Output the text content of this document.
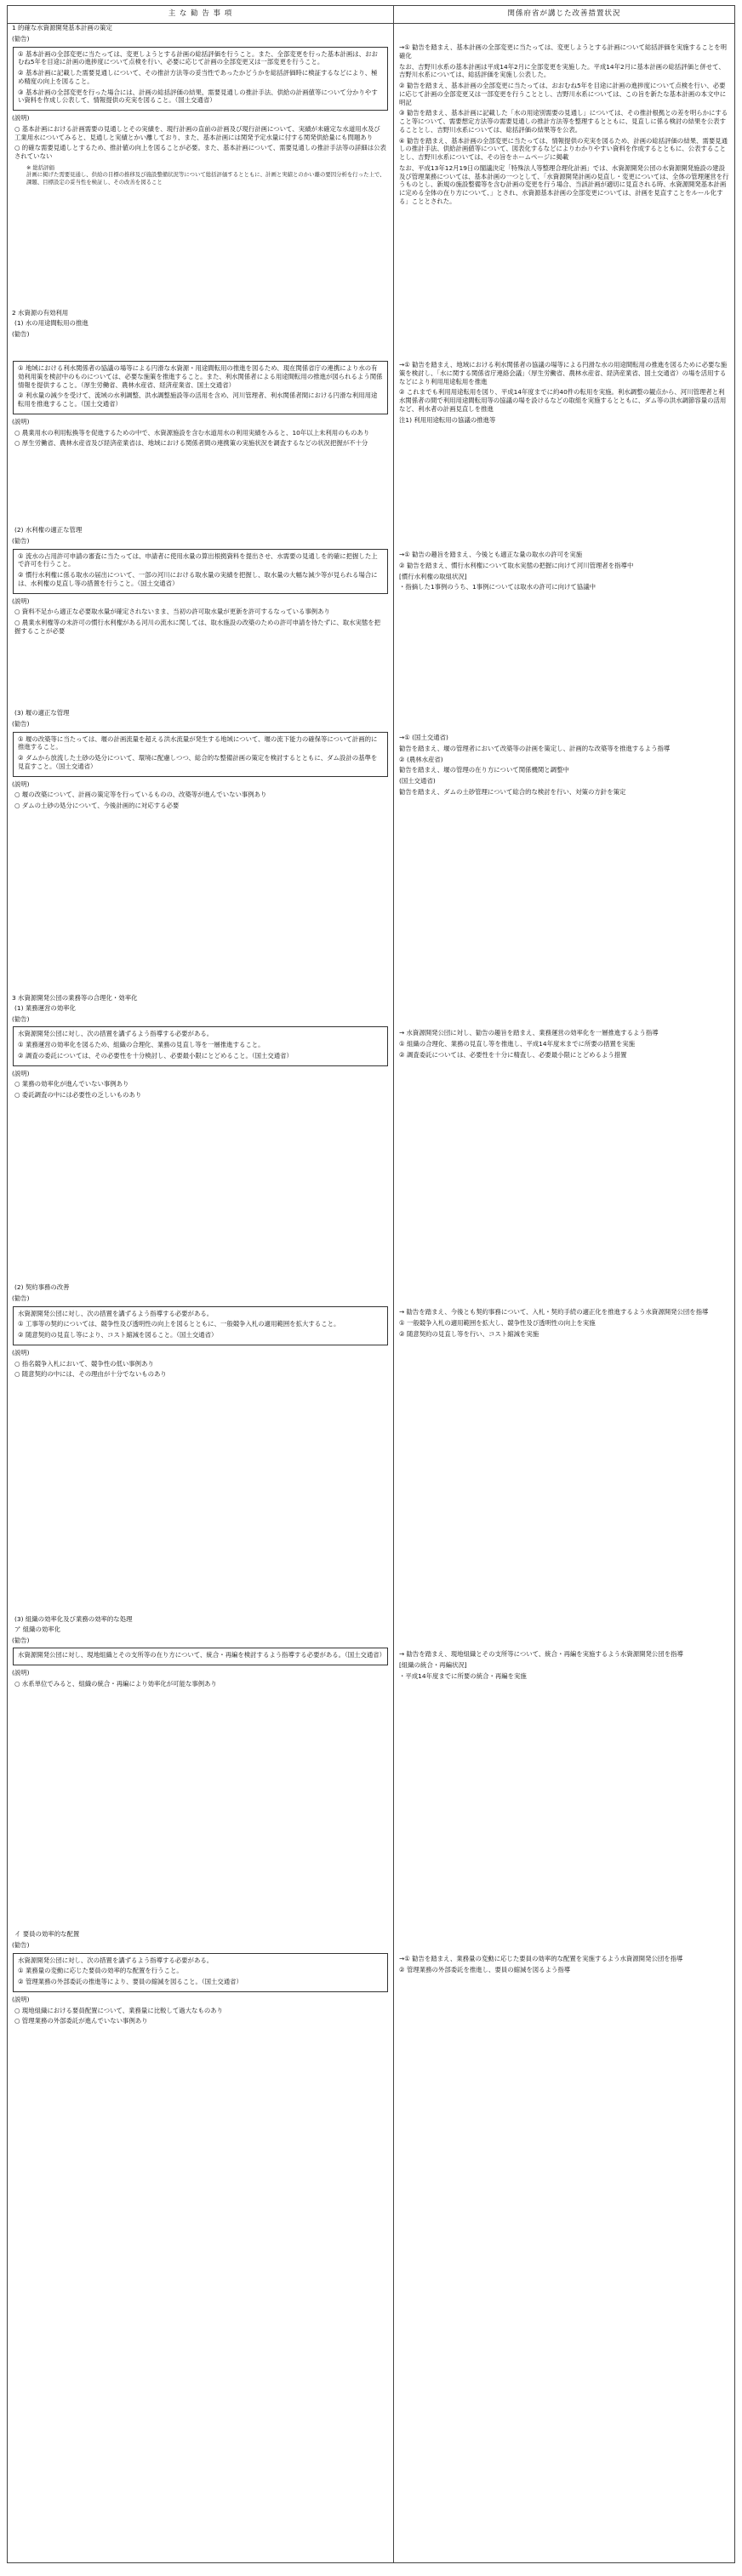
主 な 勧 告 事 項	関係府省が講じた改善措置状況
1 的確な水資源開発基本計画の策定
(勧告)

① 基本計画の全部変更に当たっては、変更しようとする計画の総括評価を行うこと。また、全部変更を行った基本計画は、おおむね5年を目途に計画の進捗度について点検を行い、必要に応じて計画の全部変更又は一部変更を行うこと。

② 基本計画に記載した需要見通しについて、その推計方法等の妥当性であったかどうかを総括評価時に検証するなどにより、極め精度の向上を図ること。

③ 基本計画の全部変更を行った場合には、計画の総括評価の結果、需要見通しの推計手法、供給の計画値等について分かりやすい資料を作成し公表して、情報提供の充実を図ること。（国土交通省）

(説明)

○ 基本計画における計画需要の見通しとその実績を、現行計画の直前の計画及び現行計画について、実績が未確定な水道用水及び工業用水についてみると、見通しと実績とかい離しており、また、基本計画には関発予定水量に付する関発供給量にも問題あり

○ 的確な需要見通しとするため、推計値の向上を図ることが必要。また、基本計画について、需要見通しの推計手法等の詳細は公表されていない

※ 総括評価
計画に掲げた需要見通し、供給の目標の推移及び施設整備状況等について総括評価するとともに、計画と実績とのかい離の要因分析を行った上で、課題、目標設定の妥当性を検証し、その改善を図ること

→① 勧告を踏まえ、基本計画の全部変更に当たっては、変更しようとする計画について総括評価を実施することを明確化

なお、吉野川水系の基本計画は平成14年2月に全部変更を実施した。平成14年2月に基本計画の総括評価と併せて、吉野川水系については、総括評価を実施し公表した。

② 勧告を踏まえ、基本計画の全部変更に当たっては、おおむね5年を目途に計画の進捗度について点検を行い、必要に応じて計画の全部変更又は一部変更を行うこととし、吉野川水系については、この旨を新たな基本計画の本文中に明記

③ 勧告を踏まえ、基本計画に記載した「水の用途別需要の見通し」については、その推計根拠との差を明らかにすること等について、需要想定方法等の需要見通しの推計方法等を整理するとともに、見直しに係る検討の結果を公表することとし、吉野川水系については、総括評価の結果等を公表。

④ 勧告を踏まえ、基本計画の全部変更に当たっては、情報提供の充実を図るため、計画の総括評価の結果、需要見通しの推計手法、供給計画値等について、図表化するなどによりわかりやすい資料を作成するとともに、公表することとし、吉野川水系については、その旨をホームページに掲載

なお、平成13年12月19日の閣議決定「特殊法人等整理合理化計画」では、水資源開発公団の水資源開発施設の建設及び管理業務については、基本計画の一つとして、「水資源開発計画の見直し・変更については、全体の管理運営を行うものとし、新規の施設整備等を含む計画の変更を行う場合、当該計画が適切に見直される時、水資源開発基本計画に定める全体の在り方について、」とされ、水資源基本計画の全部変更については、計画を見直すことをルール化する」こととされた。

2 水資源の有効利用
(1) 水の用途間転用の推進
(勧告)

① 地域における利水関係者の協議の場等による円滑な水資源・用途間転用の推進を図るため、現在関係省庁の連携により水の有効利用策を検討中のものについては、必要な施策を推進すること。また、利水関係者による用途間転用の推進が図られるよう関係情報を提供すること。（厚生労働省、農林水産省、経済産業省、国土交通省）

② 利水量の減少を受けて、流域の水利調整、洪水調整施設等の活用を含め、河川管理者、利水関係者間における円滑な利用用途転用を推進すること。（国土交通省）

(説明)

○ 農業用水の利用転換等を促進するための中で、水資源施設を含む水道用水の利用実績をみると、10年以上未利用のものあり

○ 厚生労働省、農林水産省及び経済産業省は、地域における関係者間の連携策の実施状況を調査するなどの状況把握が不十分

→① 勧告を踏まえ、地域における利水関係者の協議の場等による円滑な水の用途間転用の推進を図るために必要な施策を検討し、「水に関する関係省庁連絡会議」（厚生労働省、農林水産省、経済産業省、国土交通省）の場を活用するなどにより利用用途転用を推進

② これまでも利用用途転用を図り、平成14年度までに約40件の転用を実施。利水調整の観点から、河川管理者と利水関係者の間で利用用途間転用等の協議の場を設けるなどの取組を実施するとともに、ダム等の洪水調節容量の活用など、利水者の計画見直しを推進

注1) 利用用途転用の協議の推進等

(2) 水利権の適正な管理
(勧告)

① 流水の占用許可申請の審査に当たっては、申請者に使用水量の算出根拠資料を提出させ、水需要の見通しを的確に把握した上で許可を行うこと。

② 慣行水利権に係る取水の届出について、一部の河川における取水量の実績を把握し、取水量の大幅な減少等が見られる場合には、水利権の見直し等の措置を行うこと。（国土交通省）

(説明)

○ 資料不足から適正な必要取水量が確定されないまま、当初の許可取水量が更新を許可するなっている事例あり

○ 農業水利権等の未許可の慣行水利権がある河川の流水に関しては、取水施設の改築のための許可申請を待たずに、取水実態を把握することが必要

→① 勧告の趣旨を踏まえ、今後とも適正な量の取水の許可を実施

② 勧告を踏まえ、慣行水利権について取水実態の把握に向けて河川管理者を指導中

[慣行水利権の取組状況]

・指摘した1事例のうち、1事例については取水の許可に向けて協議中

(3) 堰の適正な管理
(勧告)

① 堰の改築等に当たっては、堰の計画流量を超える洪水流量が発生する地域について、堰の流下能力の確保等について計画的に推進すること。

② ダムから放流した土砂の処分について、環境に配慮しつつ、総合的な整備計画の策定を検討するとともに、ダム設計の基準を見直すこと。（国土交通省）

(説明)

○ 堰の改築について、計画の策定等を行っているものの、改築等が進んでいない事例あり

○ ダムの土砂の処分について、今後計画的に対応する必要

→① (国土交通省)

勧告を踏まえ、堰の管理者において改築等の計画を策定し、計画的な改築等を推進するよう指導

② (農林水産省)

勧告を踏まえ、堰の管理の在り方について関係機関と調整中

(国土交通省)

勧告を踏まえ、ダムの土砂管理について総合的な検討を行い、対策の方針を策定

3 水資源開発公団の業務等の合理化・効率化
(1) 業務運営の効率化
(勧告)

水資源開発公団に対し、次の措置を講ずるよう指導する必要がある。

① 業務運営の効率化を図るため、組織の合理化、業務の見直し等を一層推進すること。

② 調査の委託については、その必要性を十分検討し、必要最小限にとどめること。（国土交通省）

(説明)

○ 業務の効率化が進んでいない事例あり

○ 委託調査の中には必要性の乏しいものあり

→ 水資源開発公団に対し、勧告の趣旨を踏まえ、業務運営の効率化を一層推進するよう指導

① 組織の合理化、業務の見直し等を推進し、平成14年度末までに所要の措置を実施

② 調査委託については、必要性を十分に精査し、必要最小限にとどめるよう措置

(2) 契約事務の改善
(勧告)

水資源開発公団に対し、次の措置を講ずるよう指導する必要がある。

① 工事等の契約については、競争性及び透明性の向上を図るとともに、一般競争入札の適用範囲を拡大すること。

② 随意契約の見直し等により、コスト縮減を図ること。（国土交通省）

(説明)

○ 指名競争入札において、競争性の低い事例あり

○ 随意契約の中には、その理由が十分でないものあり

→ 勧告を踏まえ、今後とも契約事務について、入札・契約手続の適正化を推進するよう水資源開発公団を指導

① 一般競争入札の適用範囲を拡大し、競争性及び透明性の向上を実施

② 随意契約の見直し等を行い、コスト縮減を実施

(3) 組織の効率化及び業務の効率的な処理
ア 組織の効率化
(勧告)

水資源開発公団に対し、現地組織とその支所等の在り方について、統合・再編を検討するよう指導する必要がある。（国土交通省）

(説明)

○ 水系単位でみると、組織の統合・再編により効率化が可能な事例あり

→ 勧告を踏まえ、現地組織とその支所等について、統合・再編を実施するよう水資源開発公団を指導

[組織の統合・再編状況]

・平成14年度までに所要の統合・再編を実施

イ 要員の効率的な配置
(勧告)

水資源開発公団に対し、次の措置を講ずるよう指導する必要がある。

① 業務量の変動に応じた要員の効率的な配置を行うこと。

② 管理業務の外部委託の推進等により、要員の縮減を図ること。（国土交通省）

(説明)

○ 現地組織における要員配置について、業務量に比較して過大なものあり

○ 管理業務の外部委託が進んでいない事例あり

→① 勧告を踏まえ、業務量の変動に応じた要員の効率的な配置を実施するよう水資源開発公団を指導

② 管理業務の外部委託を推進し、要員の縮減を図るよう指導
